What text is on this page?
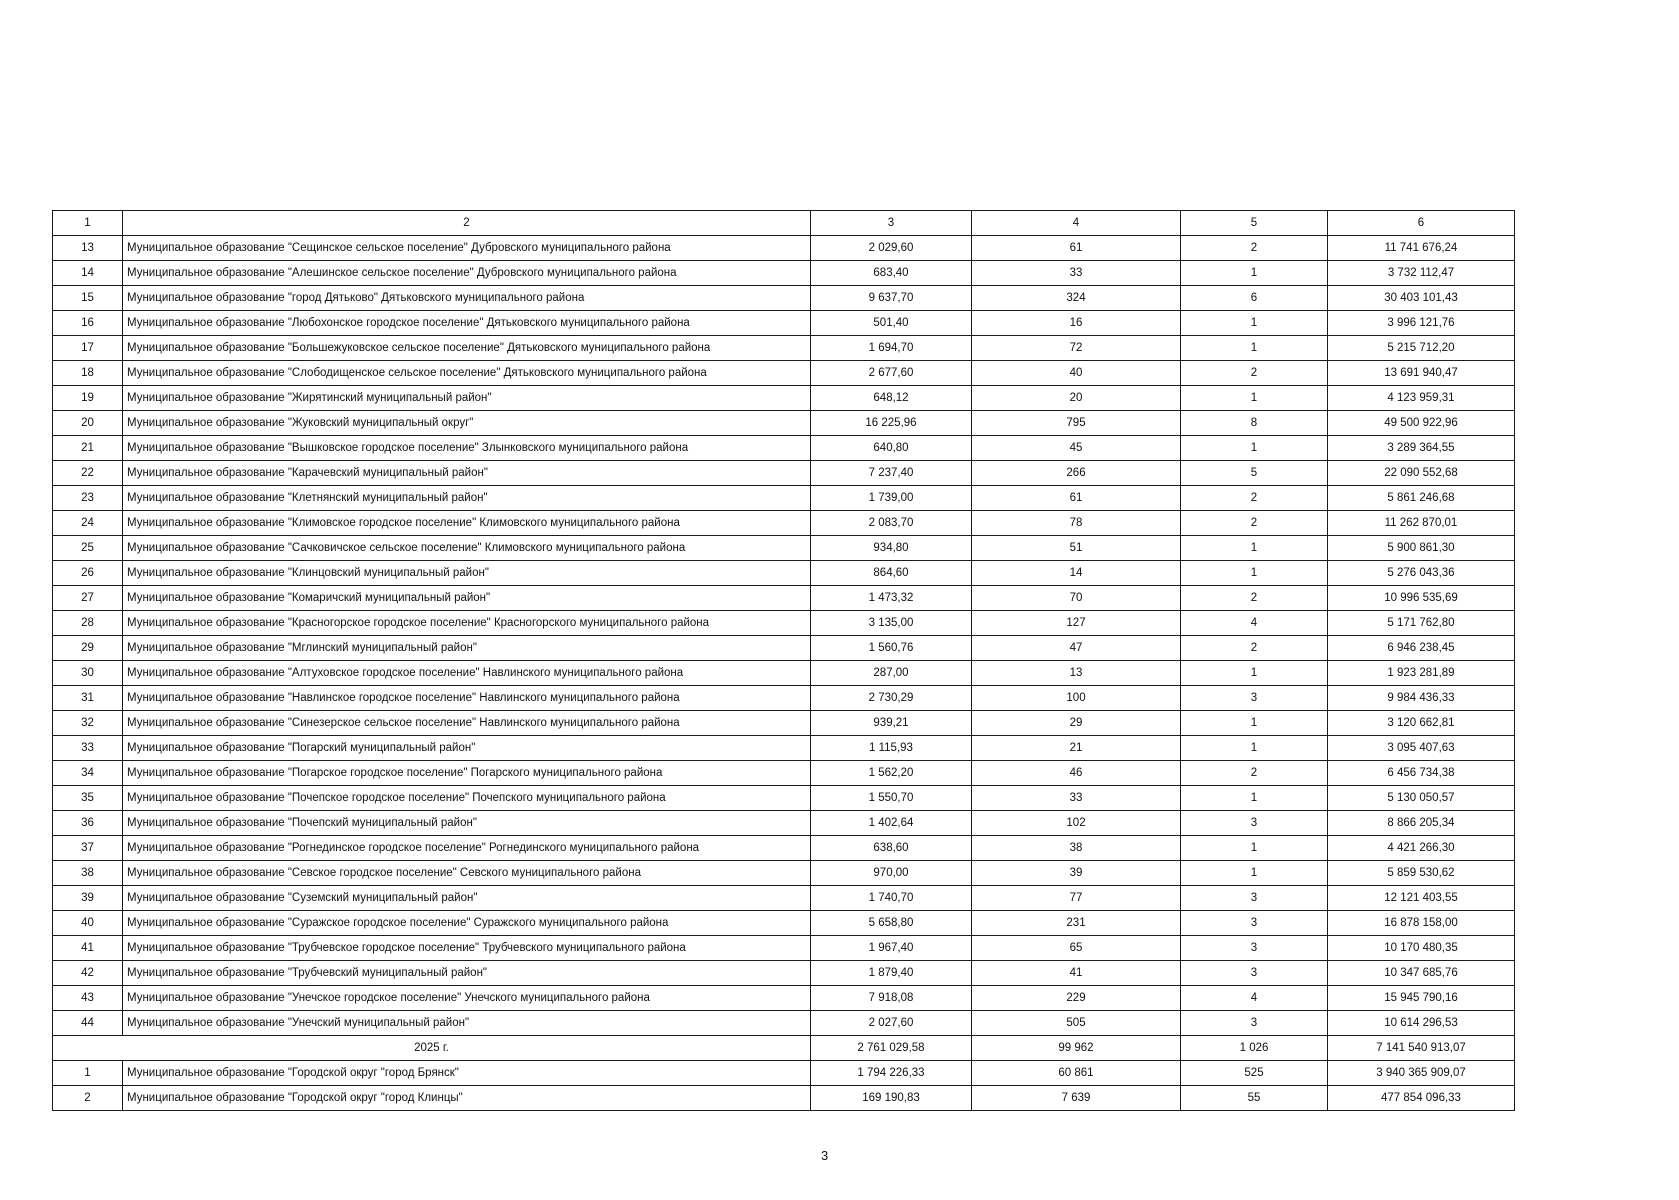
1	2	3	4	5	6
13	Муниципальное образование "Сещинское сельское поселение" Дубровского муниципального района	2 029,60	61	2	11 741 676,24
14	Муниципальное образование "Алешинское сельское поселение" Дубровского муниципального района	683,40	33	1	3 732 112,47
15	Муниципальное образование "город Дятьково" Дятьковского муниципального района	9 637,70	324	6	30 403 101,43
16	Муниципальное образование "Любохонское городское поселение" Дятьковского муниципального района	501,40	16	1	3 996 121,76
17	Муниципальное образование "Большежуковское сельское поселение" Дятьковского муниципального района	1 694,70	72	1	5 215 712,20
18	Муниципальное образование "Слободищенское сельское поселение" Дятьковского муниципального района	2 677,60	40	2	13 691 940,47
19	Муниципальное образование "Жирятинский муниципальный район"	648,12	20	1	4 123 959,31
20	Муниципальное образование "Жуковский муниципальный округ"	16 225,96	795	8	49 500 922,96
21	Муниципальное образование "Вышковское городское поселение" Злынковского муниципального района	640,80	45	1	3 289 364,55
22	Муниципальное образование "Карачевский муниципальный район"	7 237,40	266	5	22 090 552,68
23	Муниципальное образование "Клетнянский муниципальный район"	1 739,00	61	2	5 861 246,68
24	Муниципальное образование "Климовское городское поселение" Климовского муниципального района	2 083,70	78	2	11 262 870,01
25	Муниципальное образование "Сачковичское сельское поселение" Климовского муниципального района	934,80	51	1	5 900 861,30
26	Муниципальное образование "Клинцовский муниципальный район"	864,60	14	1	5 276 043,36
27	Муниципальное образование "Комаричский муниципальный район"	1 473,32	70	2	10 996 535,69
28	Муниципальное образование "Красногорское городское поселение" Красногорского муниципального района	3 135,00	127	4	5 171 762,80
29	Муниципальное образование "Мглинский муниципальный район"	1 560,76	47	2	6 946 238,45
30	Муниципальное образование "Алтуховское городское поселение" Навлинского муниципального района	287,00	13	1	1 923 281,89
31	Муниципальное образование "Навлинское городское поселение" Навлинского муниципального района	2 730,29	100	3	9 984 436,33
32	Муниципальное образование "Синезерское сельское поселение" Навлинского муниципального района	939,21	29	1	3 120 662,81
33	Муниципальное образование "Погарский муниципальный район"	1 115,93	21	1	3 095 407,63
34	Муниципальное образование "Погарское городское поселение" Погарского муниципального района	1 562,20	46	2	6 456 734,38
35	Муниципальное образование "Почепское городское поселение" Почепского муниципального района	1 550,70	33	1	5 130 050,57
36	Муниципальное образование "Почепский муниципальный район"	1 402,64	102	3	8 866 205,34
37	Муниципальное образование "Рогнединское городское поселение" Рогнединского муниципального района	638,60	38	1	4 421 266,30
38	Муниципальное образование "Севское городское поселение" Севского муниципального района	970,00	39	1	5 859 530,62
39	Муниципальное образование "Суземский муниципальный район"	1 740,70	77	3	12 121 403,55
40	Муниципальное образование "Суражское городское поселение" Суражского муниципального района	5 658,80	231	3	16 878 158,00
41	Муниципальное образование "Трубчевское городское поселение" Трубчевского муниципального района	1 967,40	65	3	10 170 480,35
42	Муниципальное образование "Трубчевский муниципальный район"	1 879,40	41	3	10 347 685,76
43	Муниципальное образование "Унечское городское поселение" Унечского муниципального района	7 918,08	229	4	15 945 790,16
44	Муниципальное образование "Унечский муниципальный район"	2 027,60	505	3	10 614 296,53
2025 г.		2 761 029,58	99 962	1 026	7 141 540 913,07
1	Муниципальное образование "Городской округ "город Брянск"	1 794 226,33	60 861	525	3 940 365 909,07
2	Муниципальное образование "Городской округ "город Клинцы"	169 190,83	7 639	55	477 854 096,33
3
